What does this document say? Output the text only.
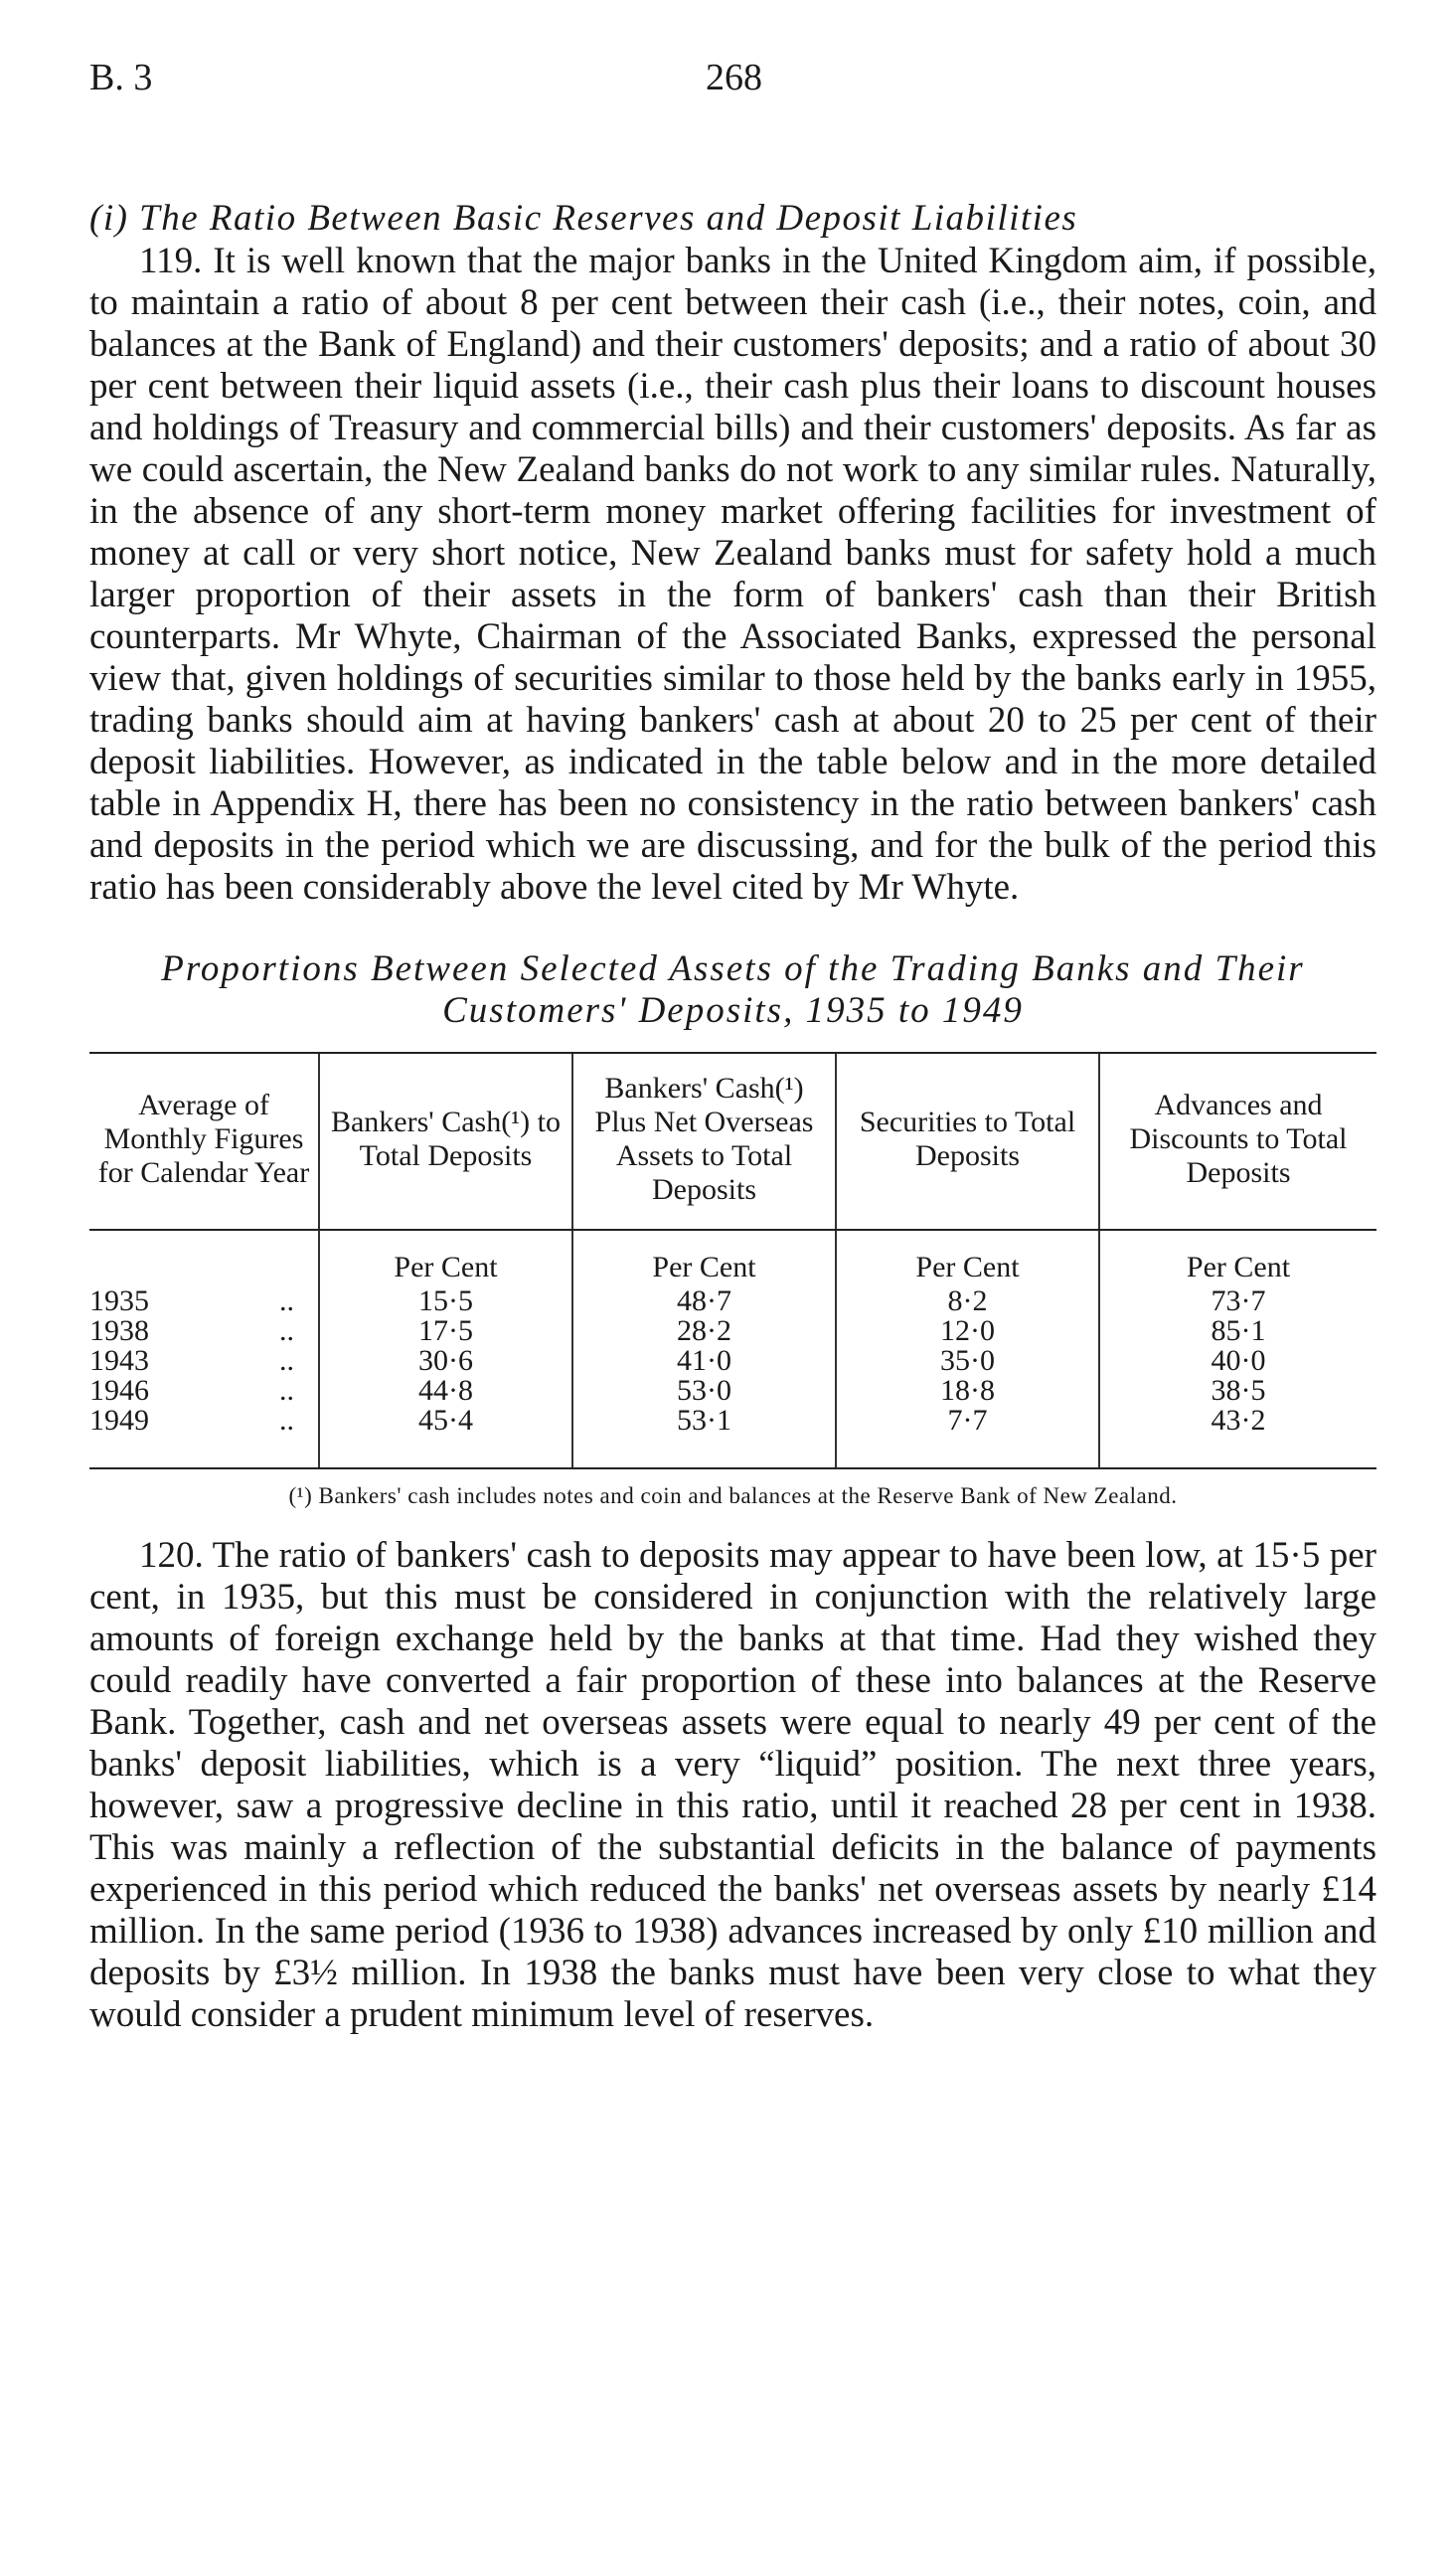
B. 3	268
(i) The Ratio Between Basic Reserves and Deposit Liabilities

119. It is well known that the major banks in the United Kingdom aim, if possible, to maintain a ratio of about 8 per cent between their cash (i.e., their notes, coin, and balances at the Bank of England) and their customers' deposits; and a ratio of about 30 per cent between their liquid assets (i.e., their cash plus their loans to discount houses and holdings of Treasury and commercial bills) and their customers' deposits. As far as we could ascertain, the New Zealand banks do not work to any similar rules. Naturally, in the absence of any short-term money market offering facilities for investment of money at call or very short notice, New Zealand banks must for safety hold a much larger proportion of their assets in the form of bankers' cash than their British counterparts. Mr Whyte, Chairman of the Associated Banks, expressed the personal view that, given holdings of securities similar to those held by the banks early in 1955, trading banks should aim at having bankers' cash at about 20 to 25 per cent of their deposit liabilities. However, as indicated in the table below and in the more detailed table in Appendix H, there has been no consistency in the ratio between bankers' cash and deposits in the period which we are discussing, and for the bulk of the period this ratio has been considerably above the level cited by Mr Whyte.

Proportions Between Selected Assets of the Trading Banks and Their Customers' Deposits, 1935 to 1949
Average of Monthly Figures for Calendar Year	Bankers' Cash(¹) to Total Deposits	Bankers' Cash(¹) Plus Net Overseas Assets to Total Deposits	Securities to Total Deposits	Advances and Discounts to Total Deposits
	Per Cent	Per Cent	Per Cent	Per Cent

1935 ..	15·5	48·7	8·2	73·7

1938 ..	17·5	28·2	12·0	85·1

1943 ..	30·6	41·0	35·0	40·0

1946 ..	44·8	53·0	18·8	38·5

1949 ..	45·4	53·1	7·7	43·2
(¹) Bankers' cash includes notes and coin and balances at the Reserve Bank of New Zealand.

120. The ratio of bankers' cash to deposits may appear to have been low, at 15·5 per cent, in 1935, but this must be considered in conjunction with the relatively large amounts of foreign exchange held by the banks at that time. Had they wished they could readily have converted a fair proportion of these into balances at the Reserve Bank. Together, cash and net overseas assets were equal to nearly 49 per cent of the banks' deposit liabilities, which is a very “liquid” position. The next three years, however, saw a progressive decline in this ratio, until it reached 28 per cent in 1938. This was mainly a reflection of the substantial deficits in the balance of payments experienced in this period which reduced the banks' net overseas assets by nearly £14 million. In the same period (1936 to 1938) advances increased by only £10 million and deposits by £3½ million. In 1938 the banks must have been very close to what they would consider a prudent minimum level of reserves.
